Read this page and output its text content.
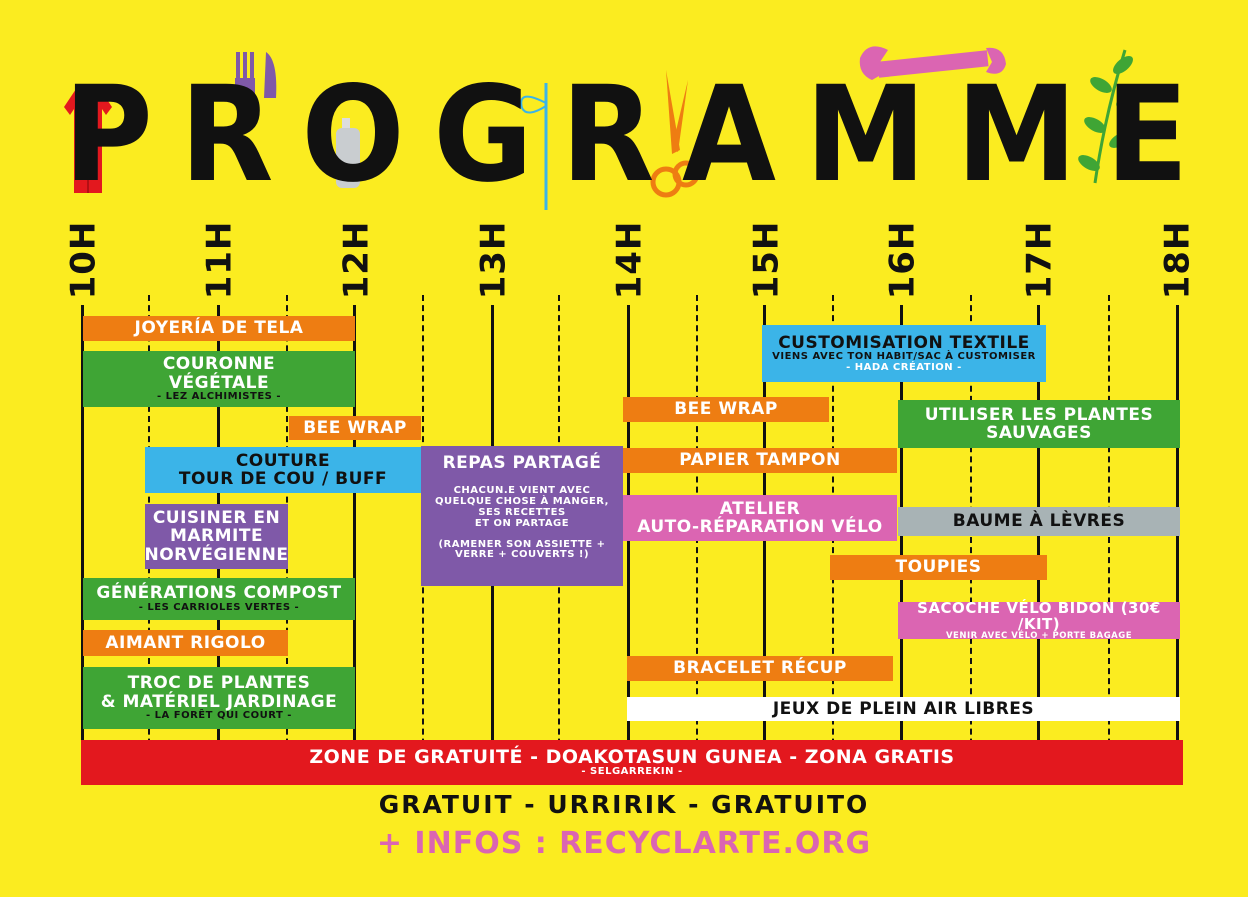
P R O G R A M M E
10H	11H	12H	13H	14H	15H	16H	17H	18H
JOYERÍA DE TELA
COURONNE
VÉGÉTALE
- LEZ ALCHIMISTES -
BEE WRAP
COUTURE
TOUR DE COU / BUFF
CUISINER EN
MARMITE
NORVÉGIENNE
GÉNÉRATIONS COMPOST
- LES CARRIOLES VERTES -
AIMANT RIGOLO
TROC DE PLANTES
& MATÉRIEL JARDINAGE
- LA FORÊT QUI COURT -
REPAS PARTAGÉ
CHACUN.E VIENT AVEC
QUELQUE CHOSE À MANGER,
SES RECETTES
ET ON PARTAGE
(RAMENER SON ASSIETTE +
VERRE + COUVERTS !)
CUSTOMISATION TEXTILE
VIENS AVEC TON HABIT/SAC À CUSTOMISER
- HADA CRÉATION -
BEE WRAP	UTILISER LES PLANTES
SAUVAGES
PAPIER TAMPON
ATELIER
AUTO-RÉPARATION VÉLO	BAUME À LÈVRES
TOUPIES
SACOCHE VÉLO BIDON (30€ /KIT)
VENIR AVEC VÉLO + PORTE BAGAGE
BRACELET RÉCUP
JEUX DE PLEIN AIR LIBRES
ZONE DE GRATUITÉ - DOAKOTASUN GUNEA - ZONA GRATIS
- SELGARREKIN -
GRATUIT - URRIRIK - GRATUITO
+ INFOS : RECYCLARTE.ORG
